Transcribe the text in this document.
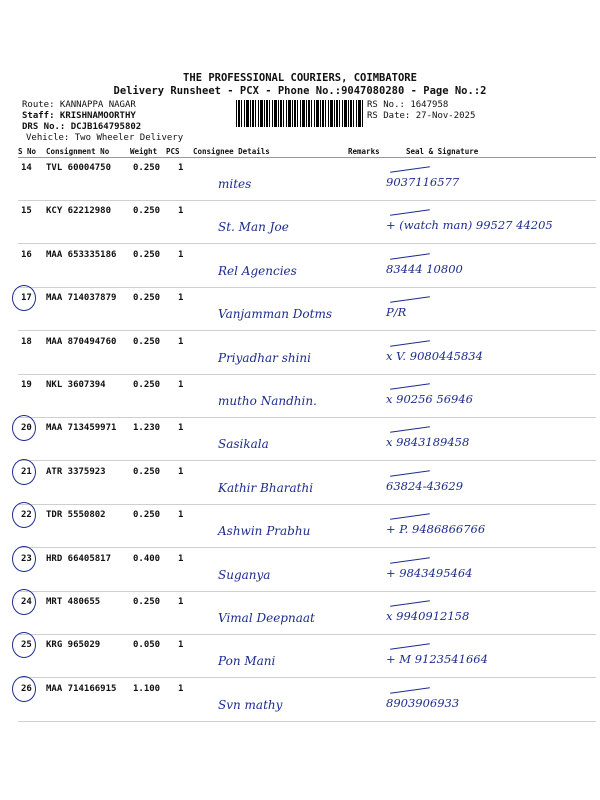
THE PROFESSIONAL COURIERS, COIMBATORE
Delivery Runsheet - PCX - Phone No.:9047080280 - Page No.:2
Route: KANNAPPA NAGAR
Staff: KRISHNAMOORTHY
DRS No.: DCJB164795802
Vehicle: Two Wheeler Delivery
RS No.: 1647958
RS Date: 27-Nov-2025
S No Consignment No	Weight PCS Consignee Details	Remarks	Seal & Signature
14 TVL 60004750 0.250 1
mites	9037116577
15 KCY 62212980 0.250 1
St. Man Joe	+ (watch man) 99527 44205
16 MAA 653335186 0.250 1
Rel Agencies	83444 10800
17 MAA 714037879 0.250 1
Vanjamman Dotms	P/R
18 MAA 870494760 0.250 1
Priyadhar shini	x V. 9080445834
19 NKL 3607394	0.250 1
mutho Nandhin.	x 90256 56946
20 MAA 713459971 1.230 1
Sasikala	x 9843189458
21 ATR 3375923	0.250 1
Kathir Bharathi	63824-43629
22 TDR 5550802	0.250 1
Ashwin Prabhu	+ P. 9486866766
23 HRD 66405817 0.400 1
Suganya	+ 9843495464
24 MRT 480655	0.250 1
Vimal Deepnaat	x 9940912158
25 KRG 965029	0.050 1
Pon Mani	+ M 9123541664
26 MAA 714166915 1.100 1
Svn mathy	8903906933
